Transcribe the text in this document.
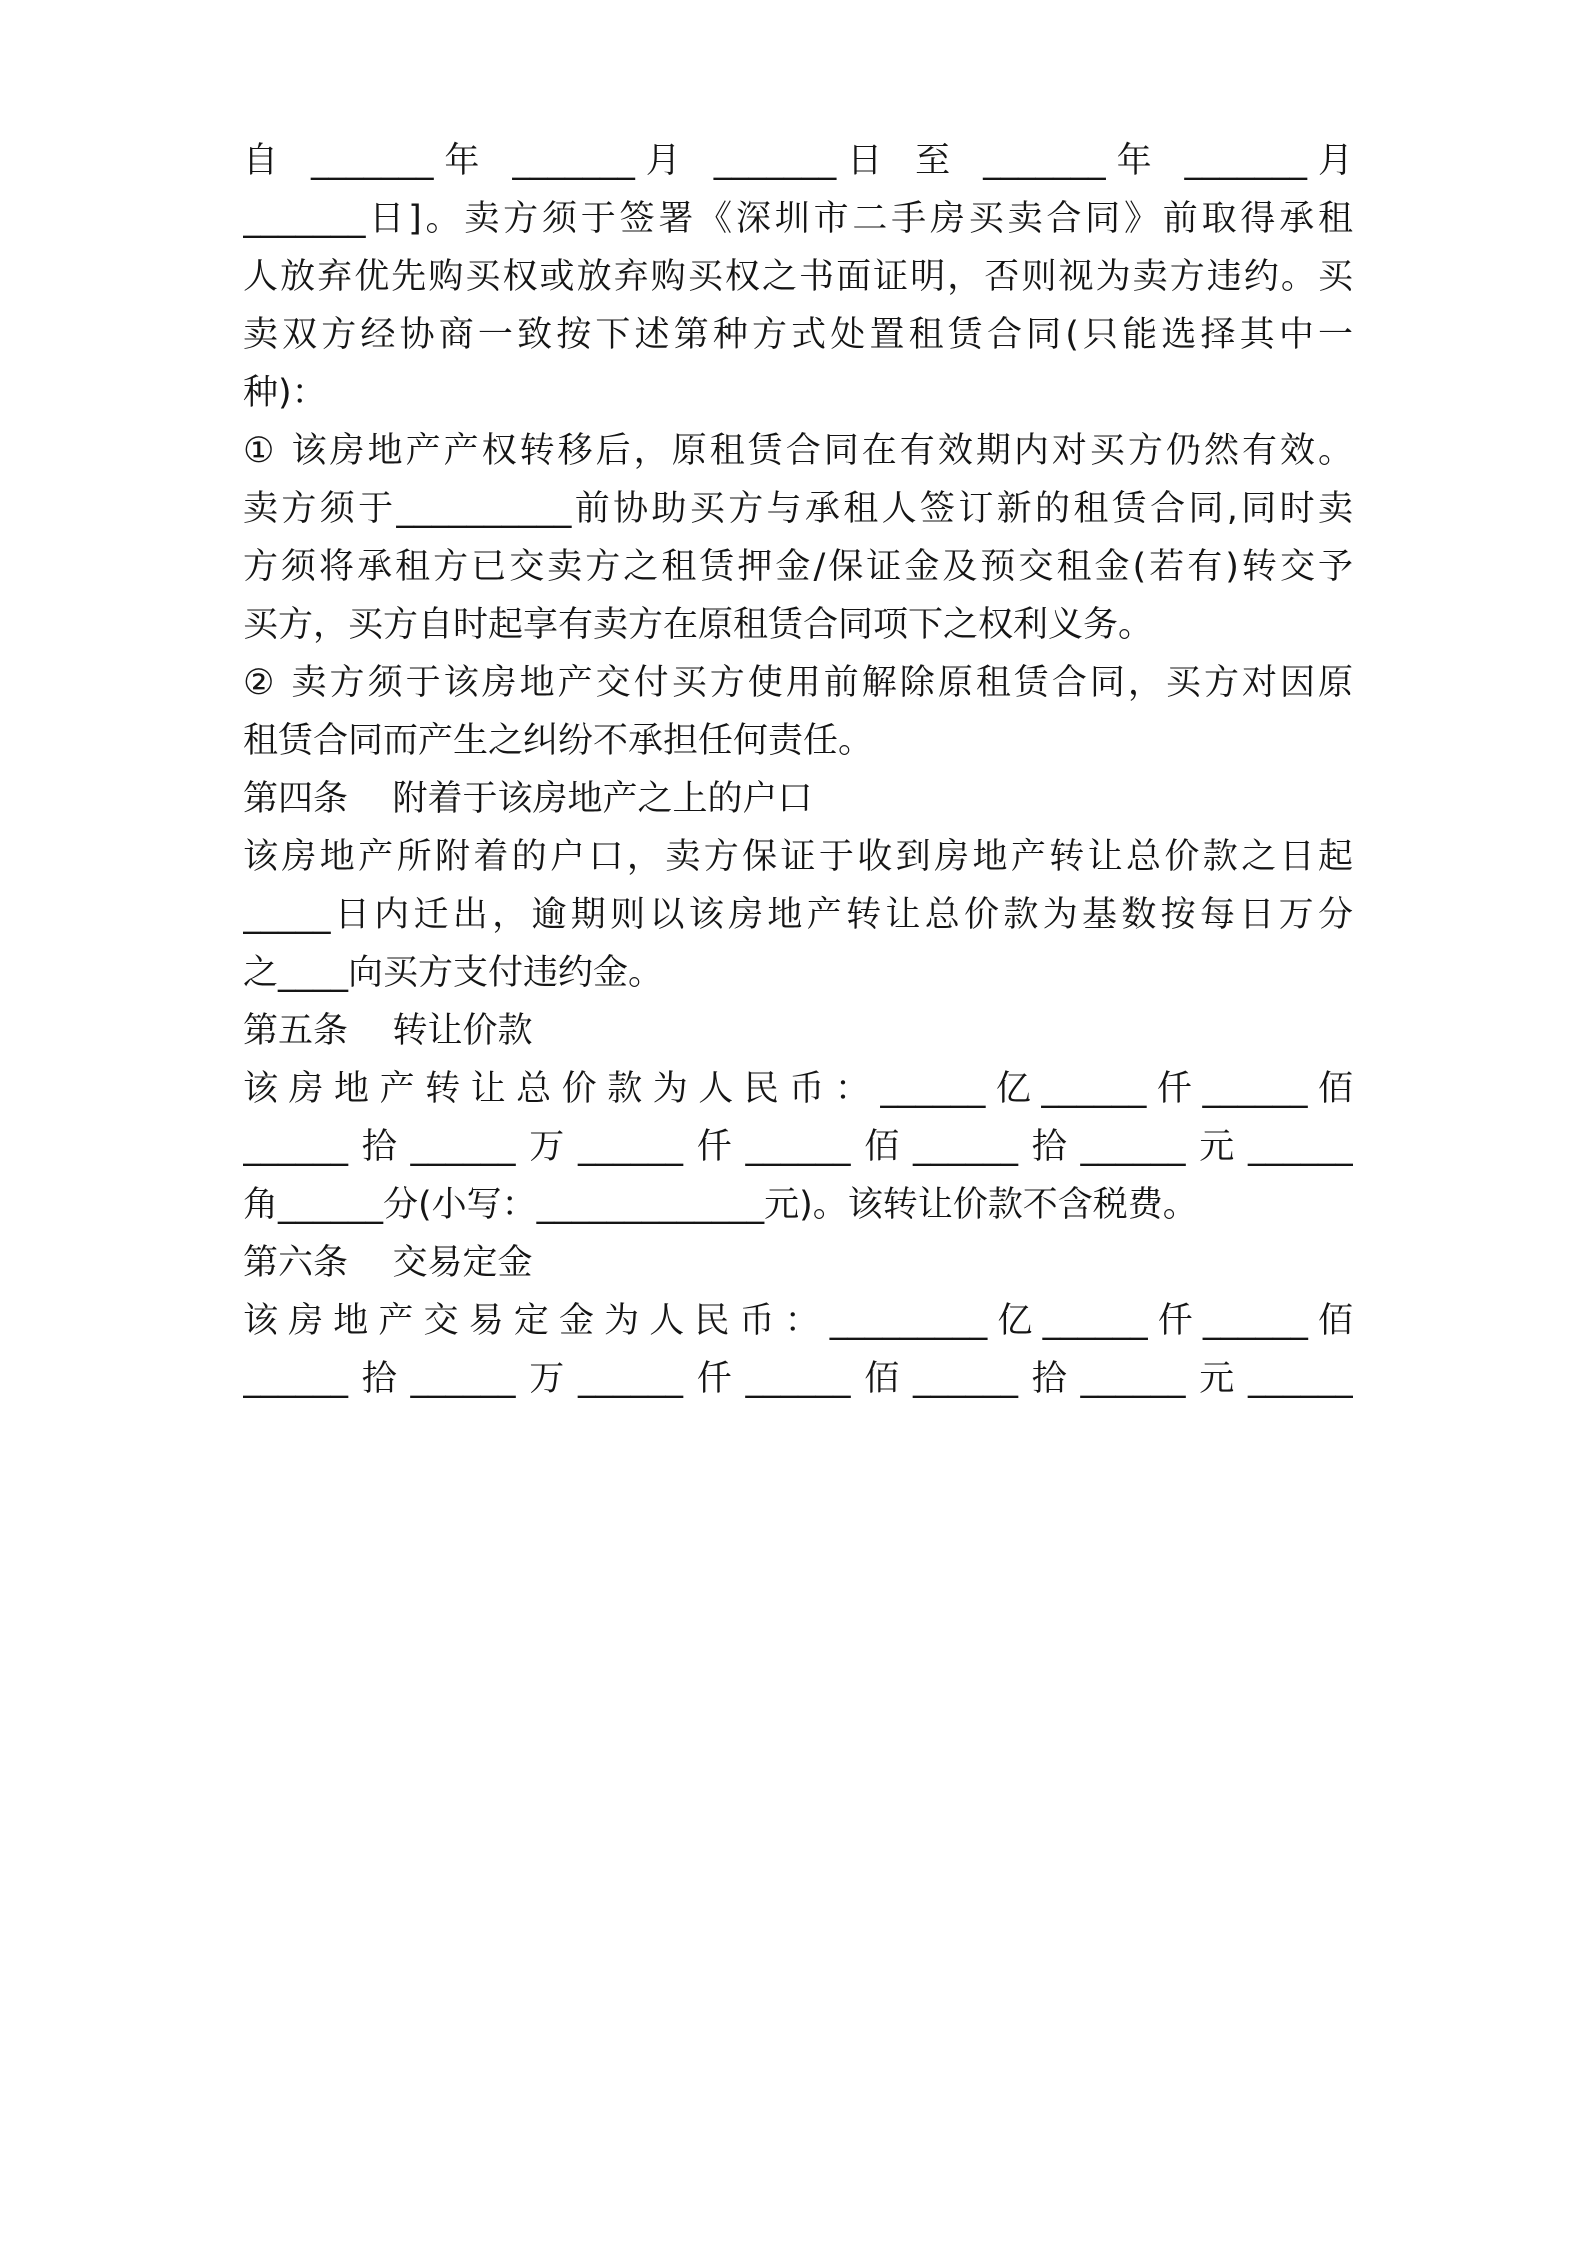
自 _______年 _______月 _______日 至 _______年 _______月
_______日]。卖方须于签署《深圳市二手房买卖合同》前取得承租
人放弃优先购买权或放弃购买权之书面证明，否则视为卖方违约。买
卖双方经协商一致按下述第种方式处置租赁合同(只能选择其中一
种)：
① 该房地产产权转移后，原租赁合同在有效期内对买方仍然有效。
卖方须于__________前协助买方与承租人签订新的租赁合同,同时卖
方须将承租方已交卖方之租赁押金/保证金及预交租金(若有)转交予
买方，买方自时起享有卖方在原租赁合同项下之权利义务。
② 卖方须于该房地产交付买方使用前解除原租赁合同，买方对因原
租赁合同而产生之纠纷不承担任何责任。
第四条    附着于该房地产之上的户口
该房地产所附着的户口，卖方保证于收到房地产转让总价款之日起
_____日内迁出，逾期则以该房地产转让总价款为基数按每日万分
之____向买方支付违约金。
第五条    转让价款
该房地产转让总价款为人民币：______亿______仟______佰
______拾______万______仟______佰______拾______元______
角______分(小写：_____________元)。该转让价款不含税费。
第六条    交易定金
该房地产交易定金为人民币：_________亿______仟______佰
______拾______万______仟______佰______拾______元______
